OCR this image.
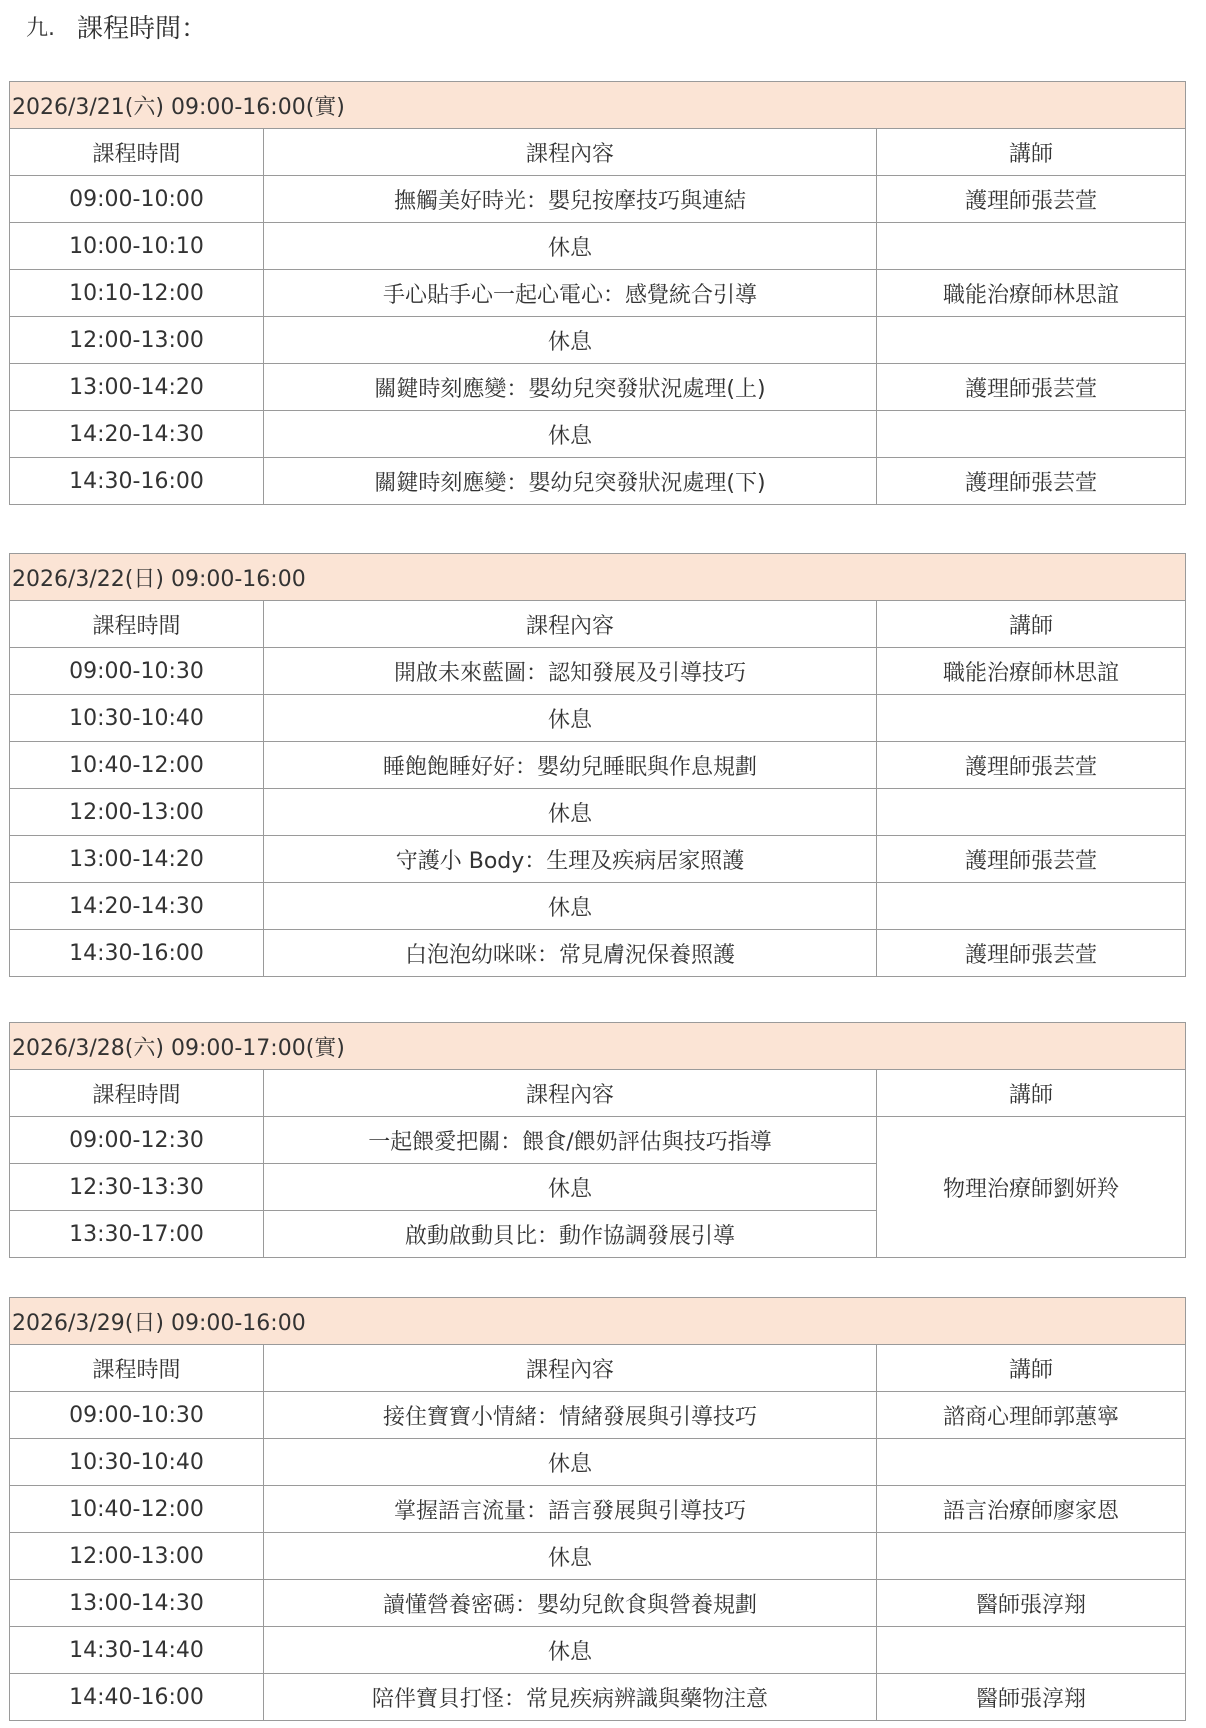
九. 課程時間：
2026/3/21(六) 09:00-16:00(實)		
課程時間	課程內容	講師
09:00-10:00	撫觸美好時光：嬰兒按摩技巧與連結	護理師張芸萱
10:00-10:10	休息	
10:10-12:00	手心貼手心一起心電心：感覺統合引導	職能治療師林思誼
12:00-13:00	休息	
13:00-14:20	關鍵時刻應變：嬰幼兒突發狀況處理(上)	護理師張芸萱
14:20-14:30	休息	
14:30-16:00	關鍵時刻應變：嬰幼兒突發狀況處理(下)	護理師張芸萱
2026/3/22(日) 09:00-16:00		
課程時間	課程內容	講師
09:00-10:30	開啟未來藍圖：認知發展及引導技巧	職能治療師林思誼
10:30-10:40	休息	
10:40-12:00	睡飽飽睡好好：嬰幼兒睡眠與作息規劃	護理師張芸萱
12:00-13:00	休息	
13:00-14:20	守護小 Body：生理及疾病居家照護	護理師張芸萱
14:20-14:30	休息	
14:30-16:00	白泡泡幼咪咪：常見膚況保養照護	護理師張芸萱
2026/3/28(六) 09:00-17:00(實)		
課程時間	課程內容	講師
09:00-12:30	一起餵愛把關：餵食/餵奶評估與技巧指導	物理治療師劉妍羚
12:30-13:30	休息	
13:30-17:00	啟動啟動貝比：動作協調發展引導	
2026/3/29(日) 09:00-16:00		
課程時間	課程內容	講師
09:00-10:30	接住寶寶小情緒：情緒發展與引導技巧	諮商心理師郭蕙寧
10:30-10:40	休息	
10:40-12:00	掌握語言流量：語言發展與引導技巧	語言治療師廖家恩
12:00-13:00	休息	
13:00-14:30	讀懂營養密碼：嬰幼兒飲食與營養規劃	醫師張淳翔
14:30-14:40	休息	
14:40-16:00	陪伴寶貝打怪：常見疾病辨識與藥物注意	醫師張淳翔
